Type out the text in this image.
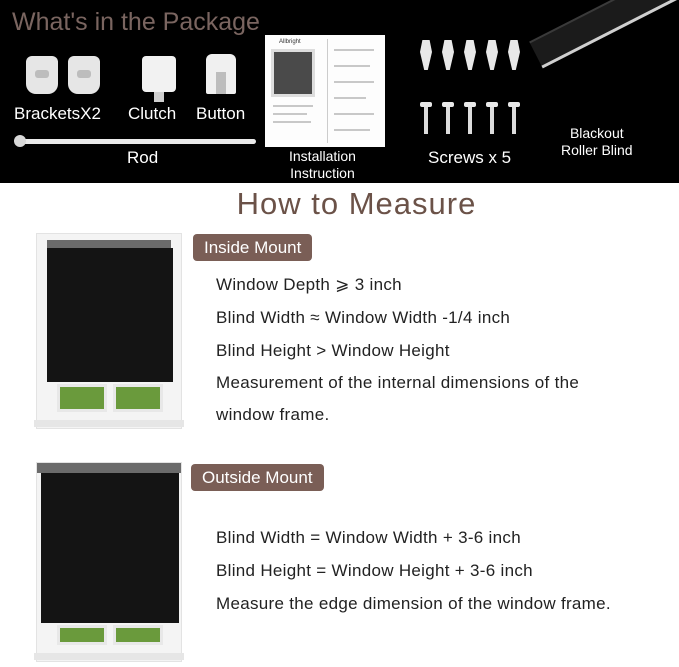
What's in the Package
BracketsX2 Clutch Button
Rod
Allbright
Installation
Instruction
Screws x 5
Blackout
Roller Blind
How to Measure
Inside Mount
Window Depth ⩾ 3 inch
Blind Width ≈ Window Width -1/4 inch
Blind Height > Window Height
Measurement of the internal dimensions of the
window frame.
Outside Mount
Blind Width = Window Width + 3-6 inch
Blind Height = Window Height + 3-6 inch
Measure the edge dimension of the window frame.
